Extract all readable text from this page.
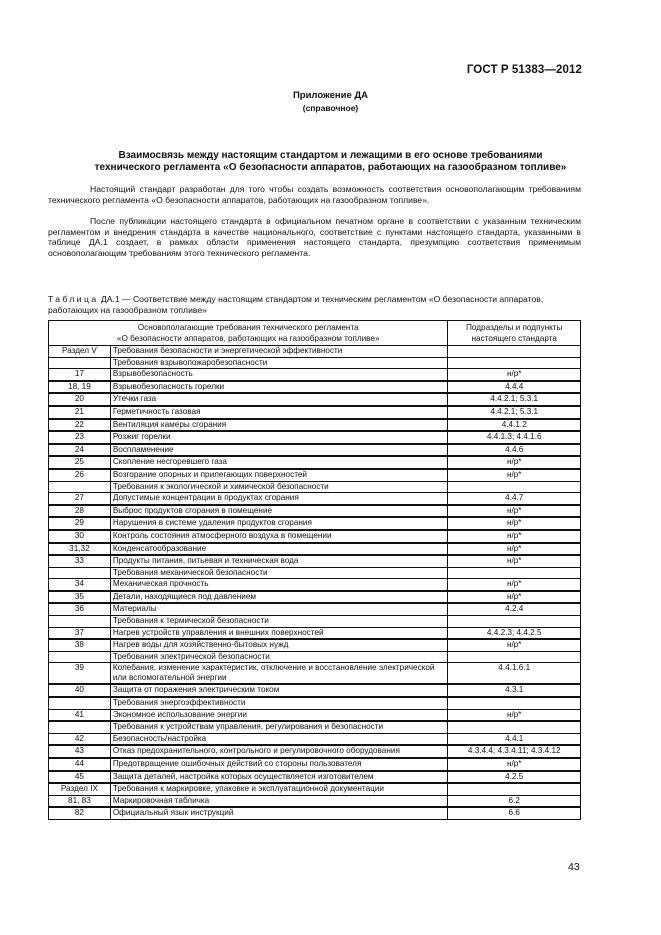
ГОСТ Р 51383—2012
Приложение ДА
(справочное)
Взаимосвязь между настоящим стандартом и лежащими в его основе требованиями
технического регламента «О безопасности аппаратов, работающих на газообразном топливе»
Настоящий стандарт разработан для того чтобы создать возможность соответствия основополагающим требованиям технического регламента «О безопасности аппаратов, работающих на газообразном топливе».
После публикации настоящего стандарта в официальном печатном органе в соответствии с указанным техническим регламентом и внедрения стандарта в качестве национального, соответствие с пунктами настоящего стандарта, указанными в таблице ДА.1 создает, в рамках области применения настоящего стандарта, презумпцию соответствия применимым основополагающим требованиям этого технического регламента.
Таблица ДА.1 — Соответствие между настоящим стандартом и техническим регламентом «О безопасности аппаратов, работающих на газообразном топливе»
Основополагающие требования технического регламента
«О безопасности аппаратов, работающих на газообразном топливе»

Подразделы и подпункты
настоящего стандарта

Раздел V	Требования безопасности и энергетической эффективности	
	Требования взрывопожаробезопасности	
17	Взрывобезопасность	н/р*
18, 19	Взрывобезопасность горелки	4.4.4
20	Утечки газа	4.4.2.1; 5.3.1
21	Герметичность газовая	4.4.2.1; 5.3.1
22	Вентиляция камеры сгорания	4.4.1.2
23	Розжиг горелки	4.4.1.3; 4.4.1.6
24	Воспламенение	4.4.6
25	Скопление несгоревшего газа	н/р*
26	Возгорание опорных и прилегающих поверхностей	н/р*
	Требования к экологической и химической безопасности	
27	Допустимые концентрации в продуктах сгорания	4.4.7
28	Выброс продуктов сгорания в помещение	н/р*
29	Нарушения в системе удаления продуктов сгорания	н/р*
30	Контроль состояния атмосферного воздуха в помещении	н/р*
31,32	Конденсатообразование	н/р*
33	Продукты питания, питьевая и техническая вода	н/р*
	Требования механической безопасности	
34	Механическая прочность	н/р*
35	Детали, находящиеся под давлением	н/р*
36	Материалы	4.2.4
	Требования к термической безопасности	
37	Нагрев устройств управления и внешних поверхностей	4.4.2.3; 4.4.2.5
38	Нагрев воды для хозяйственно-бытовых нужд	н/р*
	Требования электрической безопасности	
39	Колебания, изменение характеристик, отключение и восстановление электрической или вспомогательной энергии	4.4.1.6.1
40	Защита от поражения электрическим током	4.3.1
	Требования энергоэффективности	
41	Экономное использование энергии	н/р*
	Требования к устройствам управления, регулирования и безопасности	
42	Безопасность/настройка	4.4.1
43	Отказ предохранительного, контрольного и регулировочного оборудования	4.3.4.4; 4.3.4.11; 4.3.4.12
44	Предотвращение ошибочных действий со стороны пользователя	н/р*
45	Защита деталей, настройка которых осуществляется изготовителем	4.2.5
Раздел IX	Требования к маркировке, упаковке и эксплуатационной документации	
81, 83	Маркировочная табличка	6.2
82	Официальный язык инструкций	6.6
43
